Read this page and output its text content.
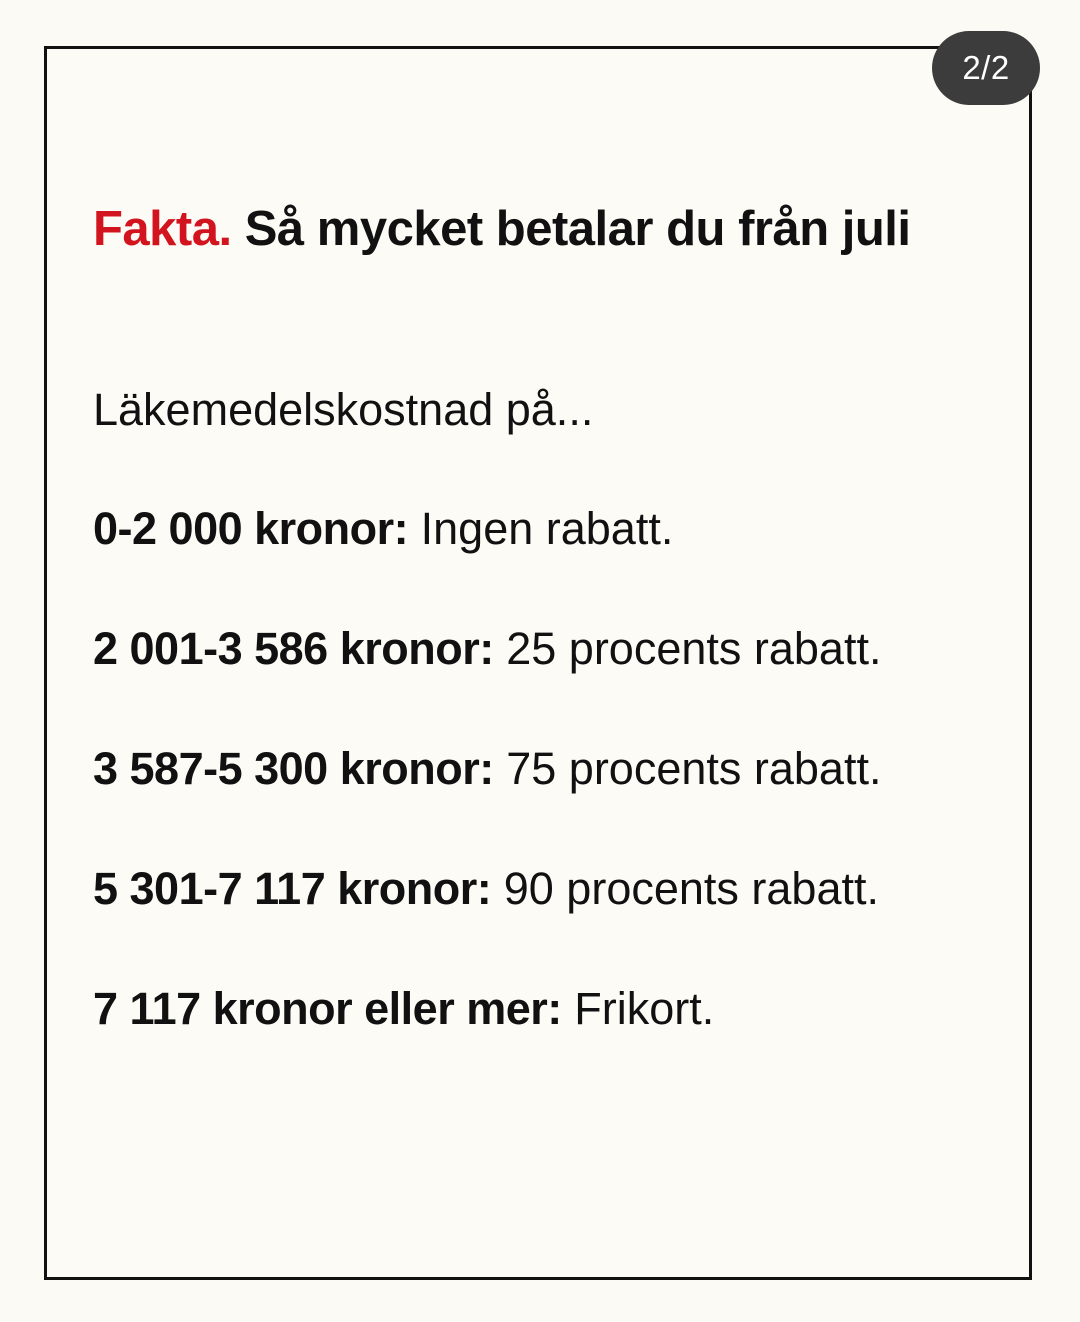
2/2
Fakta. Så mycket betalar du från juli
Läkemedelskostnad på...
0-2 000 kronor: Ingen rabatt.
2 001-3 586 kronor: 25 procents rabatt.
3 587-5 300 kronor: 75 procents rabatt.
5 301-7 117 kronor: 90 procents rabatt.
7 117 kronor eller mer: Frikort.
